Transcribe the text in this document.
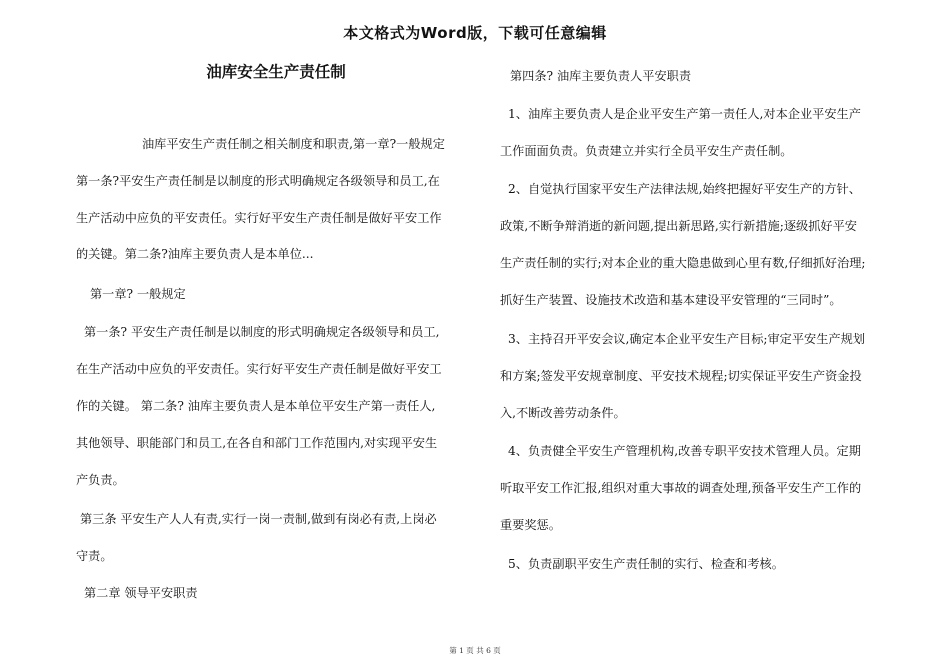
本文格式为Word版，下载可任意编辑
油库安全生产责任制
油库平安生产责任制之相关制度和职责,第一章?一般规定
第一条?平安生产责任制是以制度的形式明确规定各级领导和员工,在
生产活动中应负的平安责任。实行好平安生产责任制是做好平安工作
的关键。第二条?油库主要负责人是本单位...
第一章? 一般规定
第一条? 平安生产责任制是以制度的形式明确规定各级领导和员工,
在生产活动中应负的平安责任。实行好平安生产责任制是做好平安工
作的关键。 第二条? 油库主要负责人是本单位平安生产第一责任人,
其他领导、职能部门和员工,在各自和部门工作范围内,对实现平安生
产负责。
第三条 平安生产人人有责,实行一岗一责制,做到有岗必有责,上岗必
守责。
第二章 领导平安职责
第四条? 油库主要负责人平安职责
1、油库主要负责人是企业平安生产第一责任人,对本企业平安生产
工作面面负责。负责建立并实行全员平安生产责任制。
2、自觉执行国家平安生产法律法规,始终把握好平安生产的方针、
政策,不断争辩消逝的新问题,提出新思路,实行新措施;逐级抓好平安
生产责任制的实行;对本企业的重大隐患做到心里有数,仔细抓好治理;
抓好生产装置、设施技术改造和基本建设平安管理的“三同时”。
3、主持召开平安会议,确定本企业平安生产目标;审定平安生产规划
和方案;签发平安规章制度、平安技术规程;切实保证平安生产资金投
入,不断改善劳动条件。
4、负责健全平安生产管理机构,改善专职平安技术管理人员。定期
听取平安工作汇报,组织对重大事故的调查处理,预备平安生产工作的
重要奖惩。
5、负责副职平安生产责任制的实行、检查和考核。
第 1 页 共 6 页
